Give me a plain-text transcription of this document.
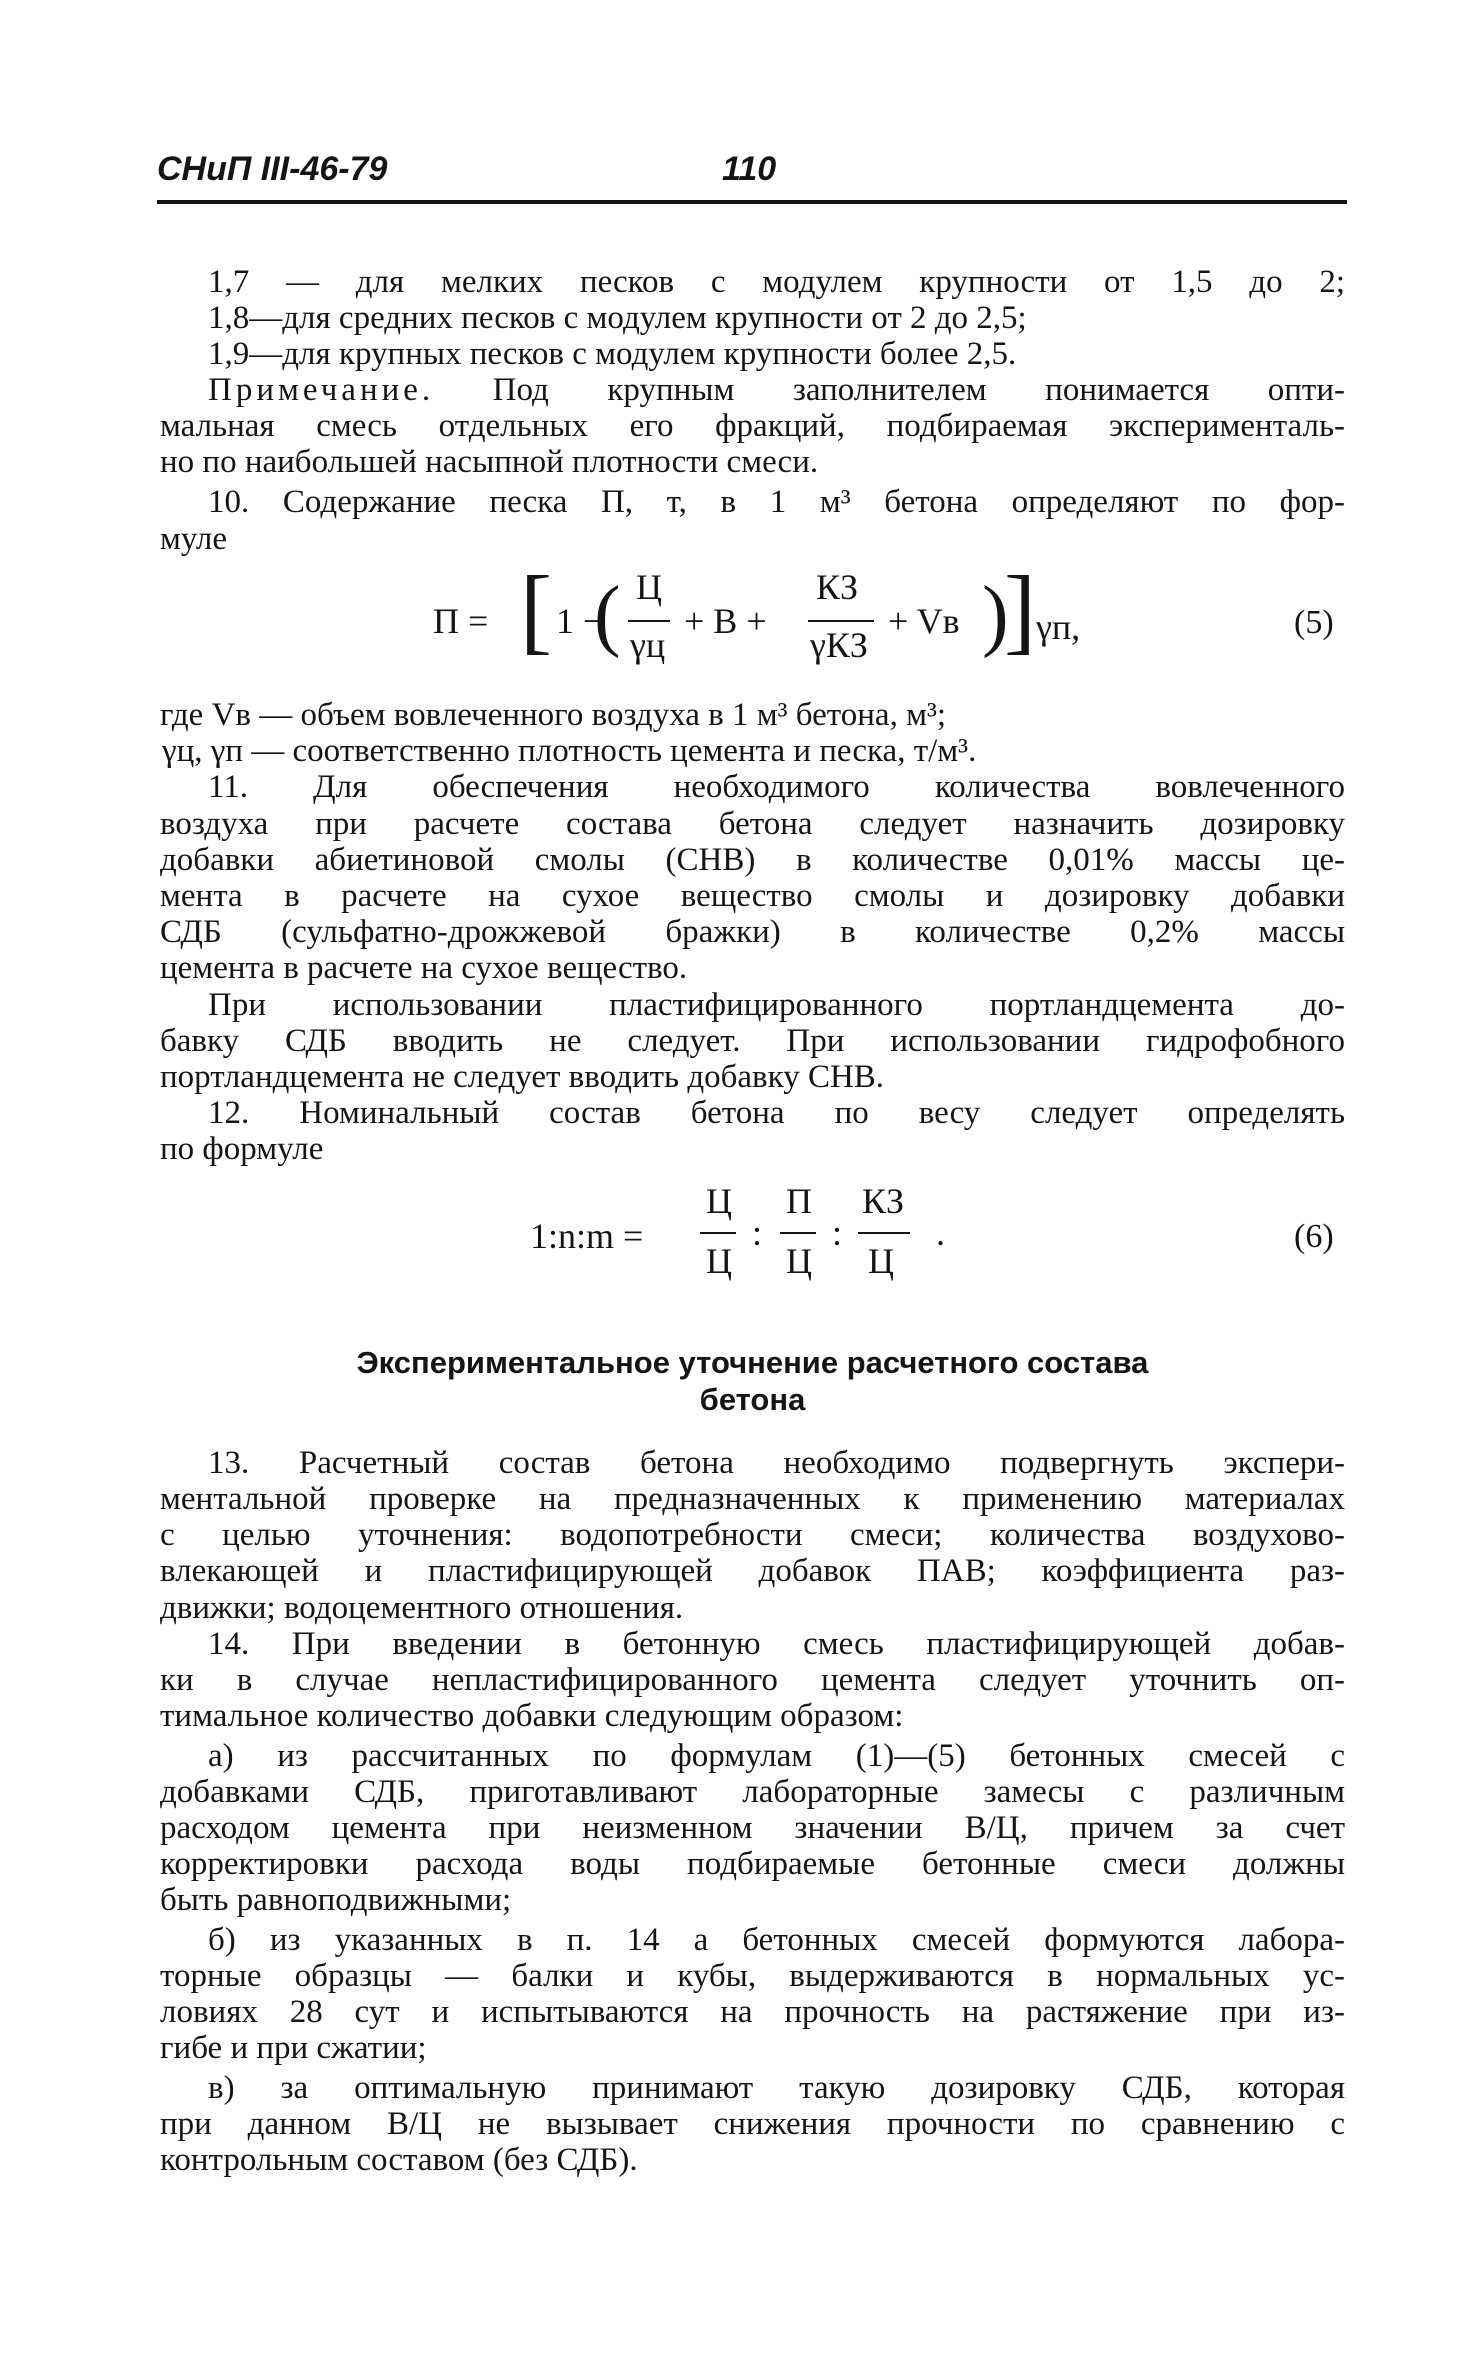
СНиП III-46-79	110
1,7 — для мелких песков с модулем крупности от 1,5 до 2;
1,8—для средних песков с модулем крупности от 2 до 2,5;
1,9—для крупных песков с модулем крупности более 2,5.
Примечание. Под крупным заполнителем понимается опти-
мальная смесь отдельных его фракций, подбираемая эксперименталь-
но по наибольшей насыпной плотности смеси.
10. Содержание песка П, т, в 1 м³ бетона определяют по фор-
муле
П = [ 1 −
( Ц
γц
+ В +
КЗ
γКЗ
+ Vв )
] γп,	(5)
где Vв — объем вовлеченного воздуха в 1 м³ бетона, м³;
γц, γп — соответственно плотность цемента и песка, т/м³.
11. Для обеспечения необходимого количества вовлеченного
воздуха при расчете состава бетона следует назначить дозировку
добавки абиетиновой смолы (СНВ) в количестве 0,01% массы це-
мента в расчете на сухое вещество смолы и дозировку добавки
СДБ (сульфатно-дрожжевой бражки) в количестве 0,2% массы
цемента в расчете на сухое вещество.
При использовании пластифицированного портландцемента до-
бавку СДБ вводить не следует. При использовании гидрофобного
портландцемента не следует вводить добавку СНВ.
12. Номинальный состав бетона по весу следует определять
по формуле
1:n:m =
Ц
Ц
:
П
Ц
:
КЗ
Ц
.	(6)
Экспериментальное уточнение расчетного состава
бетона
13. Расчетный состав бетона необходимо подвергнуть экспери-
ментальной проверке на предназначенных к применению материалах
с целью уточнения: водопотребности смеси; количества воздухово-
влекающей и пластифицирующей добавок ПАВ; коэффициента раз-
движки; водоцементного отношения.
14. При введении в бетонную смесь пластифицирующей добав-
ки в случае непластифицированного цемента следует уточнить оп-
тимальное количество добавки следующим образом:
а) из рассчитанных по формулам (1)—(5) бетонных смесей с
добавками СДБ, приготавливают лабораторные замесы с различным
расходом цемента при неизменном значении В/Ц, причем за счет
корректировки расхода воды подбираемые бетонные смеси должны
быть равноподвижными;
б) из указанных в п. 14 а бетонных смесей формуются лабора-
торные образцы — балки и кубы, выдерживаются в нормальных ус-
ловиях 28 сут и испытываются на прочность на растяжение при из-
гибе и при сжатии;
в) за оптимальную принимают такую дозировку СДБ, которая
при данном В/Ц не вызывает снижения прочности по сравнению с
контрольным составом (без СДБ).
